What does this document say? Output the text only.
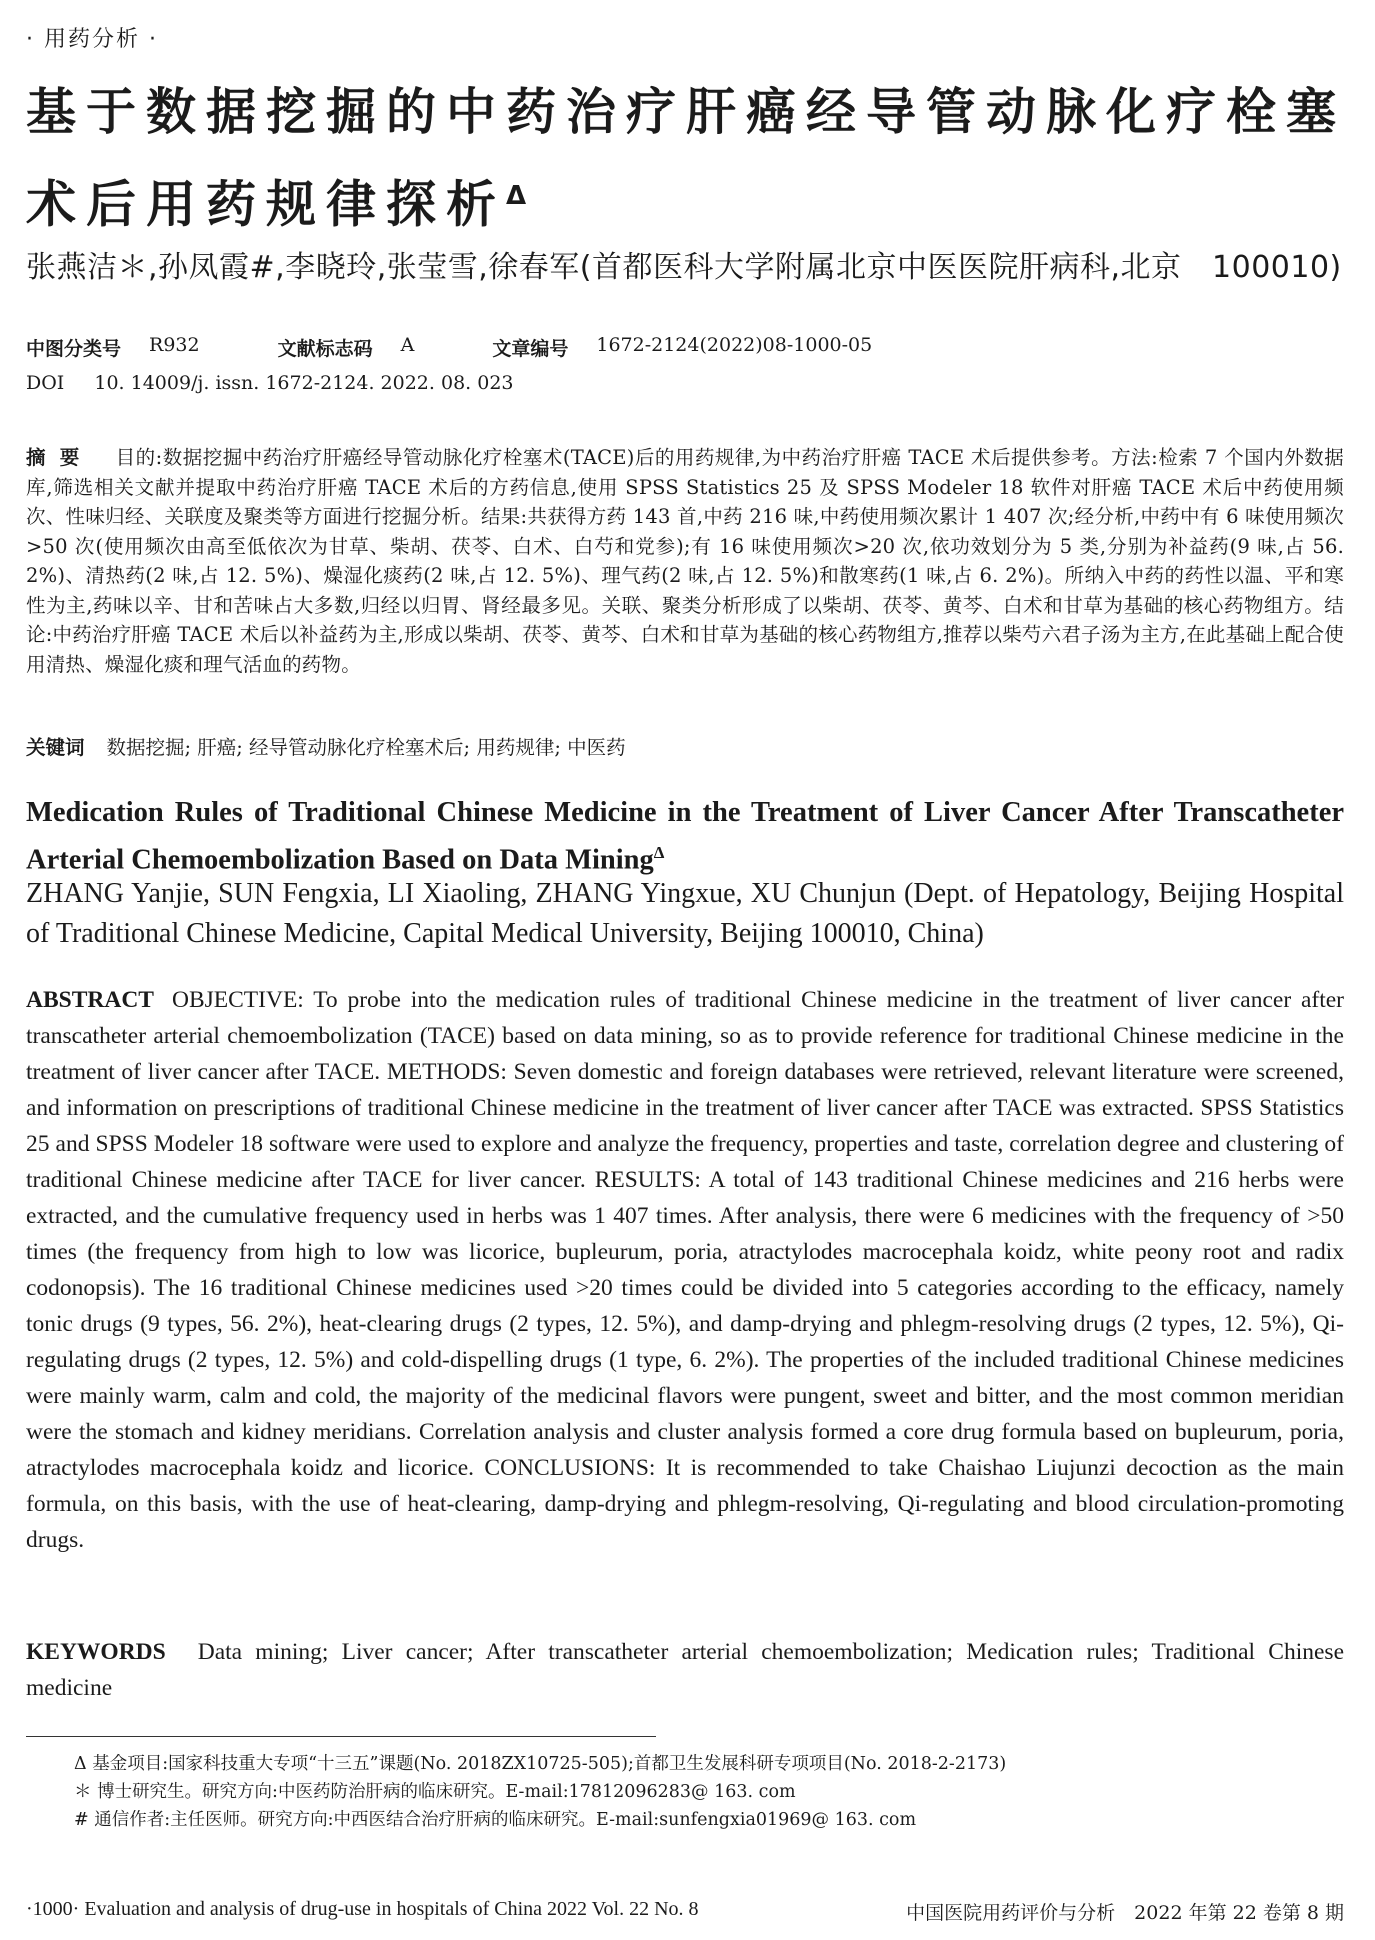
· 用药分析 ·
基于数据挖掘的中药治疗肝癌经导管动脉化疗栓塞术后用药规律探析$^\Delta$
张燕洁＊,孙凤霞#,李晓玲,张莹雪,徐春军(首都医科大学附属北京中医医院肝病科,北京　100010)
中图分类号 R932	文献标志码 A	文章编号 1672-2124(2022)08-1000-05
DOI 10. 14009/j. issn. 1672-2124. 2022. 08. 023
摘要 目的:数据挖掘中药治疗肝癌经导管动脉化疗栓塞术(TACE)后的用药规律,为中药治疗肝癌 TACE 术后提供参考。方法:检索 7 个国内外数据库,筛选相关文献并提取中药治疗肝癌 TACE 术后的方药信息,使用 SPSS Statistics 25 及 SPSS Modeler 18 软件对肝癌 TACE 术后中药使用频次、性味归经、关联度及聚类等方面进行挖掘分析。结果:共获得方药 143 首,中药 216 味,中药使用频次累计 1 407 次;经分析,中药中有 6 味使用频次>50 次(使用频次由高至低依次为甘草、柴胡、茯苓、白术、白芍和党参);有 16 味使用频次>20 次,依功效划分为 5 类,分别为补益药(9 味,占 56. 2%)、清热药(2 味,占 12. 5%)、燥湿化痰药(2 味,占 12. 5%)、理气药(2 味,占 12. 5%)和散寒药(1 味,占 6. 2%)。所纳入中药的药性以温、平和寒性为主,药味以辛、甘和苦味占大多数,归经以归胃、肾经最多见。关联、聚类分析形成了以柴胡、茯苓、黄芩、白术和甘草为基础的核心药物组方。结论:中药治疗肝癌 TACE 术后以补益药为主,形成以柴胡、茯苓、黄芩、白术和甘草为基础的核心药物组方,推荐以柴芍六君子汤为主方,在此基础上配合使用清热、燥湿化痰和理气活血的药物。
关键词 数据挖掘; 肝癌; 经导管动脉化疗栓塞术后; 用药规律; 中医药
Medication Rules of Traditional Chinese Medicine in the Treatment of Liver Cancer After Transcatheter Arterial Chemoembolization Based on Data Mining$^\Delta$
ZHANG Yanjie, SUN Fengxia, LI Xiaoling, ZHANG Yingxue, XU Chunjun (Dept. of Hepatology, Beijing Hospital of Traditional Chinese Medicine, Capital Medical University, Beijing 100010, China)
ABSTRACT OBJECTIVE: To probe into the medication rules of traditional Chinese medicine in the treatment of liver cancer after transcatheter arterial chemoembolization (TACE) based on data mining, so as to provide reference for traditional Chinese medicine in the treatment of liver cancer after TACE. METHODS: Seven domestic and foreign databases were retrieved, relevant literature were screened, and information on prescriptions of traditional Chinese medicine in the treatment of liver cancer after TACE was extracted. SPSS Statistics 25 and SPSS Modeler 18 software were used to explore and analyze the frequency, properties and taste, correlation degree and clustering of traditional Chinese medicine after TACE for liver cancer. RESULTS: A total of 143 traditional Chinese medicines and 216 herbs were extracted, and the cumulative frequency used in herbs was 1 407 times. After analysis, there were 6 medicines with the frequency of >50 times (the frequency from high to low was licorice, bupleurum, poria, atractylodes macrocephala koidz, white peony root and radix codonopsis). The 16 traditional Chinese medicines used >20 times could be divided into 5 categories according to the efficacy, namely tonic drugs (9 types, 56. 2%), heat-clearing drugs (2 types, 12. 5%), and damp-drying and phlegm-resolving drugs (2 types, 12. 5%), Qi-regulating drugs (2 types, 12. 5%) and cold-dispelling drugs (1 type, 6. 2%). The properties of the included traditional Chinese medicines were mainly warm, calm and cold, the majority of the medicinal flavors were pungent, sweet and bitter, and the most common meridian were the stomach and kidney meridians. Correlation analysis and cluster analysis formed a core drug formula based on bupleurum, poria, atractylodes macrocephala koidz and licorice. CONCLUSIONS: It is recommended to take Chaishao Liujunzi decoction as the main formula, on this basis, with the use of heat-clearing, damp-drying and phlegm-resolving, Qi-regulating and blood circulation-promoting drugs.
KEYWORDS Data mining; Liver cancer; After transcatheter arterial chemoembolization; Medication rules; Traditional Chinese medicine
Δ 基金项目:国家科技重大专项“十三五”课题(No. 2018ZX10725-505);首都卫生发展科研专项项目(No. 2018-2-2173)
＊ 博士研究生。研究方向:中医药防治肝病的临床研究。E-mail:17812096283@ 163. com
# 通信作者:主任医师。研究方向:中西医结合治疗肝病的临床研究。E-mail:sunfengxia01969@ 163. com
·1000· Evaluation and analysis of drug-use in hospitals of China 2022 Vol. 22 No. 8	中国医院用药评价与分析　2022 年第 22 卷第 8 期
